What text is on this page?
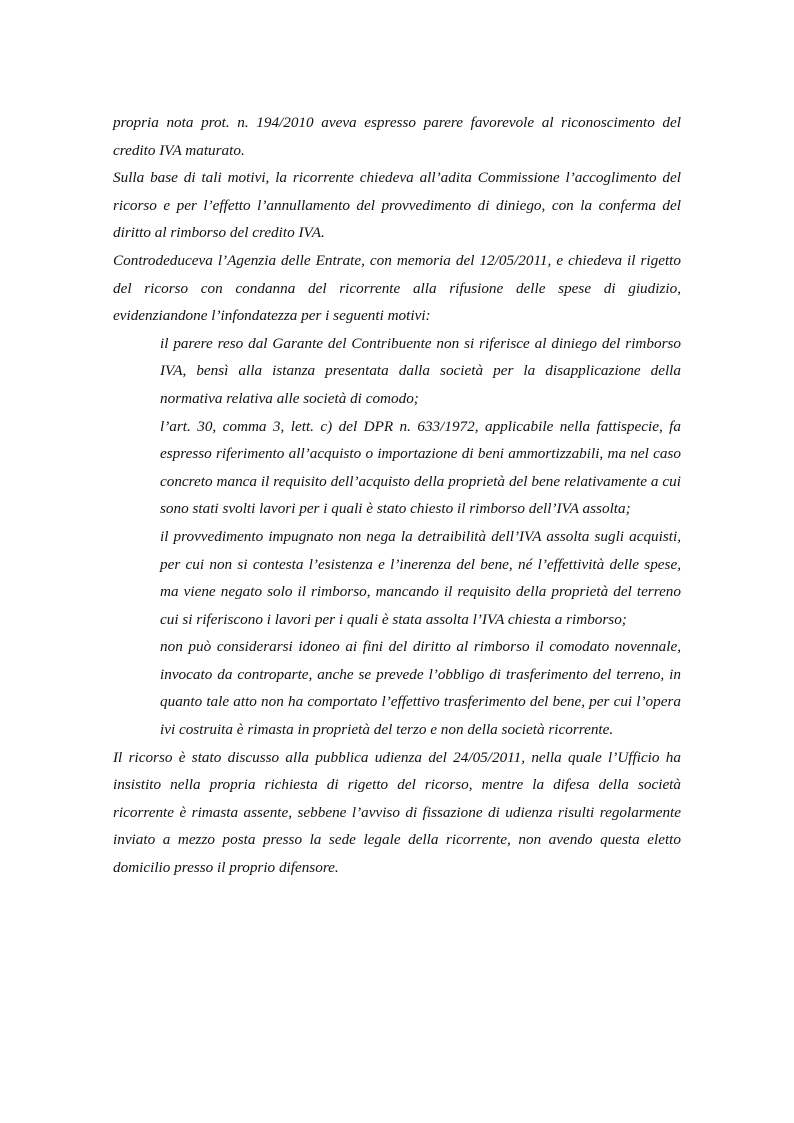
propria nota prot. n. 194/2010 aveva espresso parere favorevole al riconoscimento del credito IVA maturato.

Sulla base di tali motivi, la ricorrente chiedeva all’adita Commissione l’accoglimento del ricorso e per l’effetto l’annullamento del provvedimento di diniego, con la conferma del diritto al rimborso del credito IVA.

Controdeduceva l’Agenzia delle Entrate, con memoria del 12/05/2011, e chiedeva il rigetto del ricorso con condanna del ricorrente alla rifusione delle spese di giudizio, evidenziandone l’infondatezza per i seguenti motivi:

il parere reso dal Garante del Contribuente non si riferisce al diniego del rimborso IVA, bensì alla istanza presentata dalla società per la disapplicazione della normativa relativa alle società di comodo;
l’art. 30, comma 3, lett. c) del DPR n. 633/1972, applicabile nella fattispecie, fa espresso riferimento all’acquisto o importazione di beni ammortizzabili, ma nel caso concreto manca il requisito dell’acquisto della proprietà del bene relativamente a cui sono stati svolti lavori per i quali è stato chiesto il rimborso dell’IVA assolta;
il provvedimento impugnato non nega la detraibilità dell’IVA assolta sugli acquisti, per cui non si contesta l’esistenza e l’inerenza del bene, né l’effettività delle spese, ma viene negato solo il rimborso, mancando il requisito della proprietà del terreno cui si riferiscono i lavori per i quali è stata assolta l’IVA chiesta a rimborso;
non può considerarsi idoneo ai fini del diritto al rimborso il comodato novennale, invocato da controparte, anche se prevede l’obbligo di trasferimento del terreno, in quanto tale atto non ha comportato l’effettivo trasferimento del bene, per cui l’opera ivi costruita è rimasta in proprietà del terzo e non della società ricorrente.

Il ricorso è stato discusso alla pubblica udienza del 24/05/2011, nella quale l’Ufficio ha insistito nella propria richiesta di rigetto del ricorso, mentre la difesa della società ricorrente è rimasta assente, sebbene l’avviso di fissazione di udienza risulti regolarmente inviato a mezzo posta presso la sede legale della ricorrente, non avendo questa eletto domicilio presso il proprio difensore.
